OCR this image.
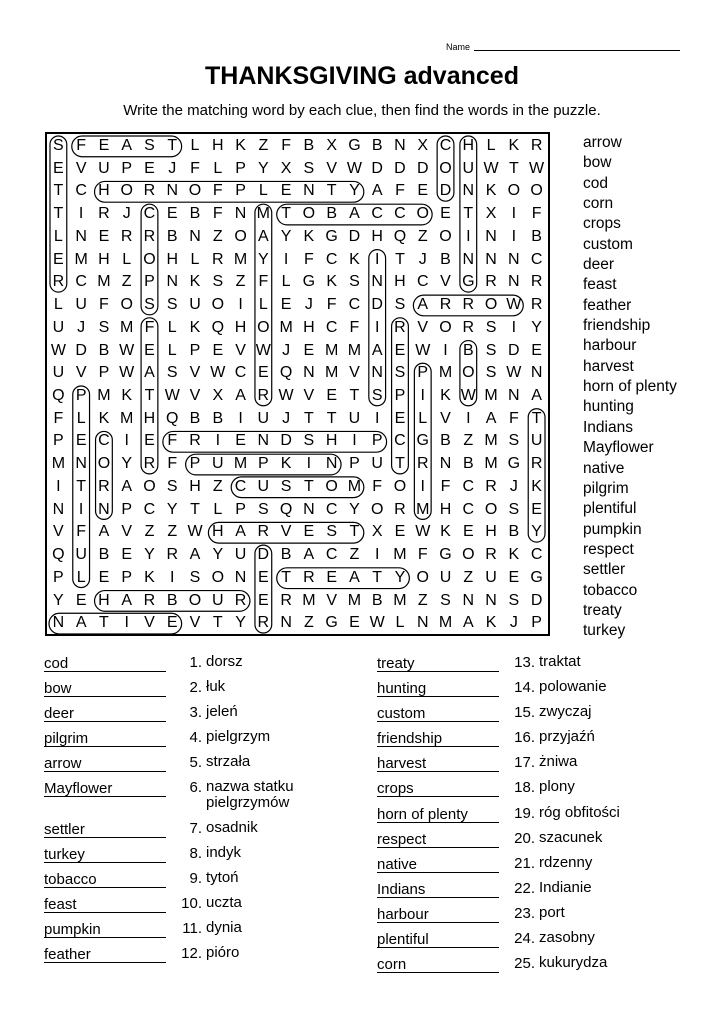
Name
THANKSGIVING advanced
Write the matching word by each clue, then find the words in the puzzle.
S F E A S T L H K Z F B X G B N X C H L K R
E V U P E J F L P Y X S V W D D D O U W T W
T C H O R N O F P L E N T Y A F E D N K O O
T I R J C E B F N M T O B A C C O E T X I F
L N E R R B N Z O A Y K G D H Q Z O I N I B
E M H L O H L R M Y I F C K I T J B N N N C
R C M Z P N K S Z F L G K S N H C V G R N R
L U F O S S U O I	L E J F C D S A R R O W R
U J S M F L K Q H O M H C F I R V O R S I Y
W D B W E L P E V W J E M M A E W I B S D E
U V P W A S V W C E Q N M V N S P M O S W N
Q P M K T W V X A R W V E T S P I K W M N A
F L K M H Q B B I U J T T U I E L V I A F T
P E C I E F R I E N D S H I P C G B Z M S U
M N O Y R F P U M P K I N P U T R N B M G R
I T R A O S H Z C U S T O M F O I F C R J K
N I N P C Y T L P S Q N C Y O R M H C O S E
V F A V Z Z W H A R V E S T X E W K E H B Y
Q U B E Y R A Y U D B A C Z I M F G O R K C
P L E P K I S O N E T R E A T Y O U Z U E G
Y E H A R B O U R E R M V M B M Z S N N S D
N A T I V E V T Y R N Z G E W L N M A K J P
arrow
bow
cod
corn
crops
custom
deer
feast
feather
friendship
harbour
harvest
horn of plenty
hunting
Indians
Mayflower
native
pilgrim
plentiful
pumpkin
respect
settler
tobacco
treaty
turkey
cod	1. dorsz
bow	2. łuk
deer	3. jeleń
pilgrim	4. pielgrzym
arrow	5. strzała
Mayflower	6. nazwa statku pielgrzymów
settler	7. osadnik
turkey	8. indyk
tobacco	9. tytoń
feast	10. uczta
pumpkin	11. dynia
feather	12. pióro
treaty	13. traktat
hunting	14. polowanie
custom	15. zwyczaj
friendship	16. przyjaźń
harvest	17. żniwa
crops	18. plony
horn of plenty	19. róg obfitości
respect	20. szacunek
native	21. rdzenny
Indians	22. Indianie
harbour	23. port
plentiful	24. zasobny
corn	25. kukurydza
